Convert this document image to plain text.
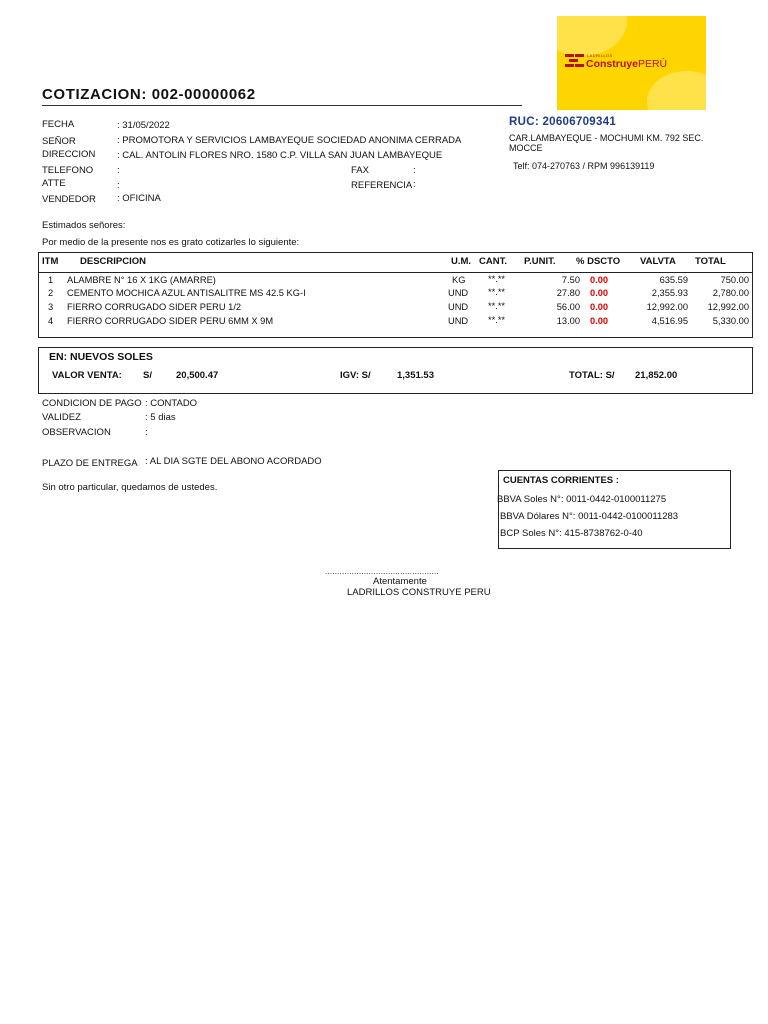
LADRILLOS
ConstruyePERÚ
COTIZACION: 002-00000062
RUC: 20606709341
CAR.LAMBAYEQUE - MOCHUMI KM. 792 SEC.
MOCCE
Telf: 074-270763 / RPM 996139119
FECHA	: 31/05/2022
SEÑOR	: PROMOTORA Y SERVICIOS LAMBAYEQUE SOCIEDAD ANONIMA CERRADA
DIRECCION : CAL. ANTOLIN FLORES NRO. 1580 C.P. VILLA SAN JUAN LAMBAYEQUE
TELEFONO	:	FAX	:
ATTE	:	REFERENCIA :
VENDEDOR : OFICINA
Estimados señores:
Por medio de la presente nos es grato cotizarles lo siguiente:
ITM DESCRIPCION	U.M. CANT. P.UNIT. % DSCTO VALVTA TOTAL
1 ALAMBRE N° 16 X 1KG (AMARRE)	KG **.**	7.50 0.00	635.59	750.00
2 CEMENTO MOCHICA AZUL ANTISALITRE MS 42.5 KG-I	UND **.**	27.80 0.00	2,355.93	2,780.00
3 FIERRO CORRUGADO SIDER PERU 1/2	UND **.**	56.00 0.00	12,992.00	12,992.00
4 FIERRO CORRUGADO SIDER PERU 6MM X 9M	UND **.**	13.00 0.00	4,516.95	5,330.00
EN: NUEVOS SOLES
VALOR VENTA: S/	20,500.47	IGV: S/	1,351.53	TOTAL: S/ 21,852.00
CONDICION DE PAGO : CONTADO
VALIDEZ	: 5 dias
OBSERVACION	:
PLAZO DE ENTREGA : AL DIA SGTE DEL ABONO ACORDADO
Sin otro particular, quedamos de ustedes.
CUENTAS CORRIENTES :
BBVA Soles N°: 0011-0442-0100011275
BBVA Dólares N°: 0011-0442-0100011283
BCP Soles N°: 415-8738762-0-40
...............................................
Atentamente
LADRILLOS CONSTRUYE PERU
